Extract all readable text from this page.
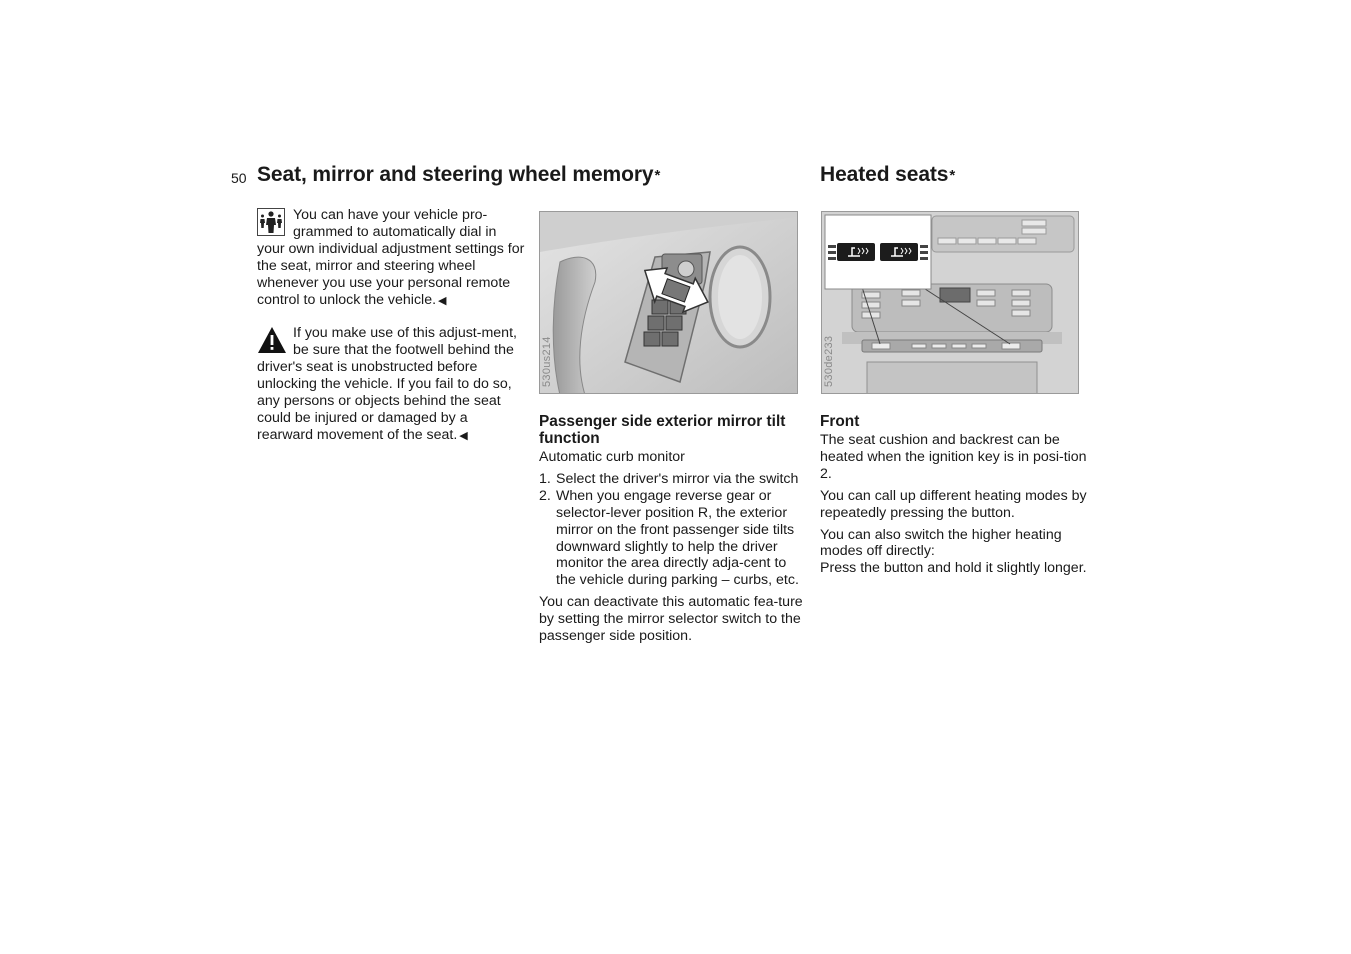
50 Seat, mirror and steering wheel memory*	Heated seats*

You can have your vehicle pro-grammed to automatically dial in your own individual adjustment settings for the seat, mirror and steering wheel whenever you use your personal remote control to unlock the vehicle. ◀

If you make use of this adjust-ment, be sure that the footwell behind the driver's seat is unobstructed before unlocking the vehicle. If you fail to do so, any persons or objects behind the seat could be injured or damaged by a rearward movement of the seat. ◀

530us214
Passenger side exterior mirror tilt function

Automatic curb monitor

1. Select the driver's mirror via the switch
2. When you engage reverse gear or selector-lever position R, the exterior mirror on the front passenger side tilts downward slightly to help the driver monitor the area directly adja-cent to the vehicle during parking – curbs, etc.

You can deactivate this automatic fea-ture by setting the mirror selector switch to the passenger side position.

530de233
Front

The seat cushion and backrest can be heated when the ignition key is in posi-tion 2.

You can call up different heating modes by repeatedly pressing the button.

You can also switch the higher heating modes off directly:

Press the button and hold it slightly longer.
